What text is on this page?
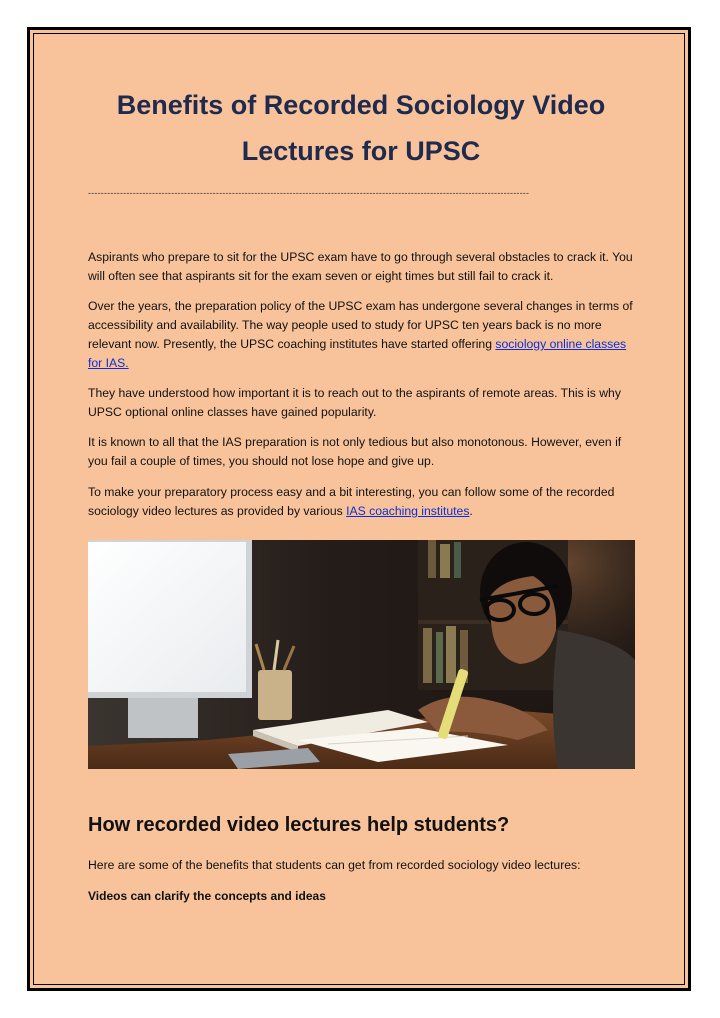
Benefits of Recorded Sociology Video Lectures for UPSC
------------------------------------------------------------------------------------------------------------------------------------------

Aspirants who prepare to sit for the UPSC exam have to go through several obstacles to crack it. You will often see that aspirants sit for the exam seven or eight times but still fail to crack it.

Over the years, the preparation policy of the UPSC exam has undergone several changes in terms of accessibility and availability. The way people used to study for UPSC ten years back is no more relevant now. Presently, the UPSC coaching institutes have started offering sociology online classes for IAS.

They have understood how important it is to reach out to the aspirants of remote areas. This is why UPSC optional online classes have gained popularity.

It is known to all that the IAS preparation is not only tedious but also monotonous. However, even if you fail a couple of times, you should not lose hope and give up.

To make your preparatory process easy and a bit interesting, you can follow some of the recorded sociology video lectures as provided by various IAS coaching institutes.

How recorded video lectures help students?

Here are some of the benefits that students can get from recorded sociology video lectures:

Videos can clarify the concepts and ideas
